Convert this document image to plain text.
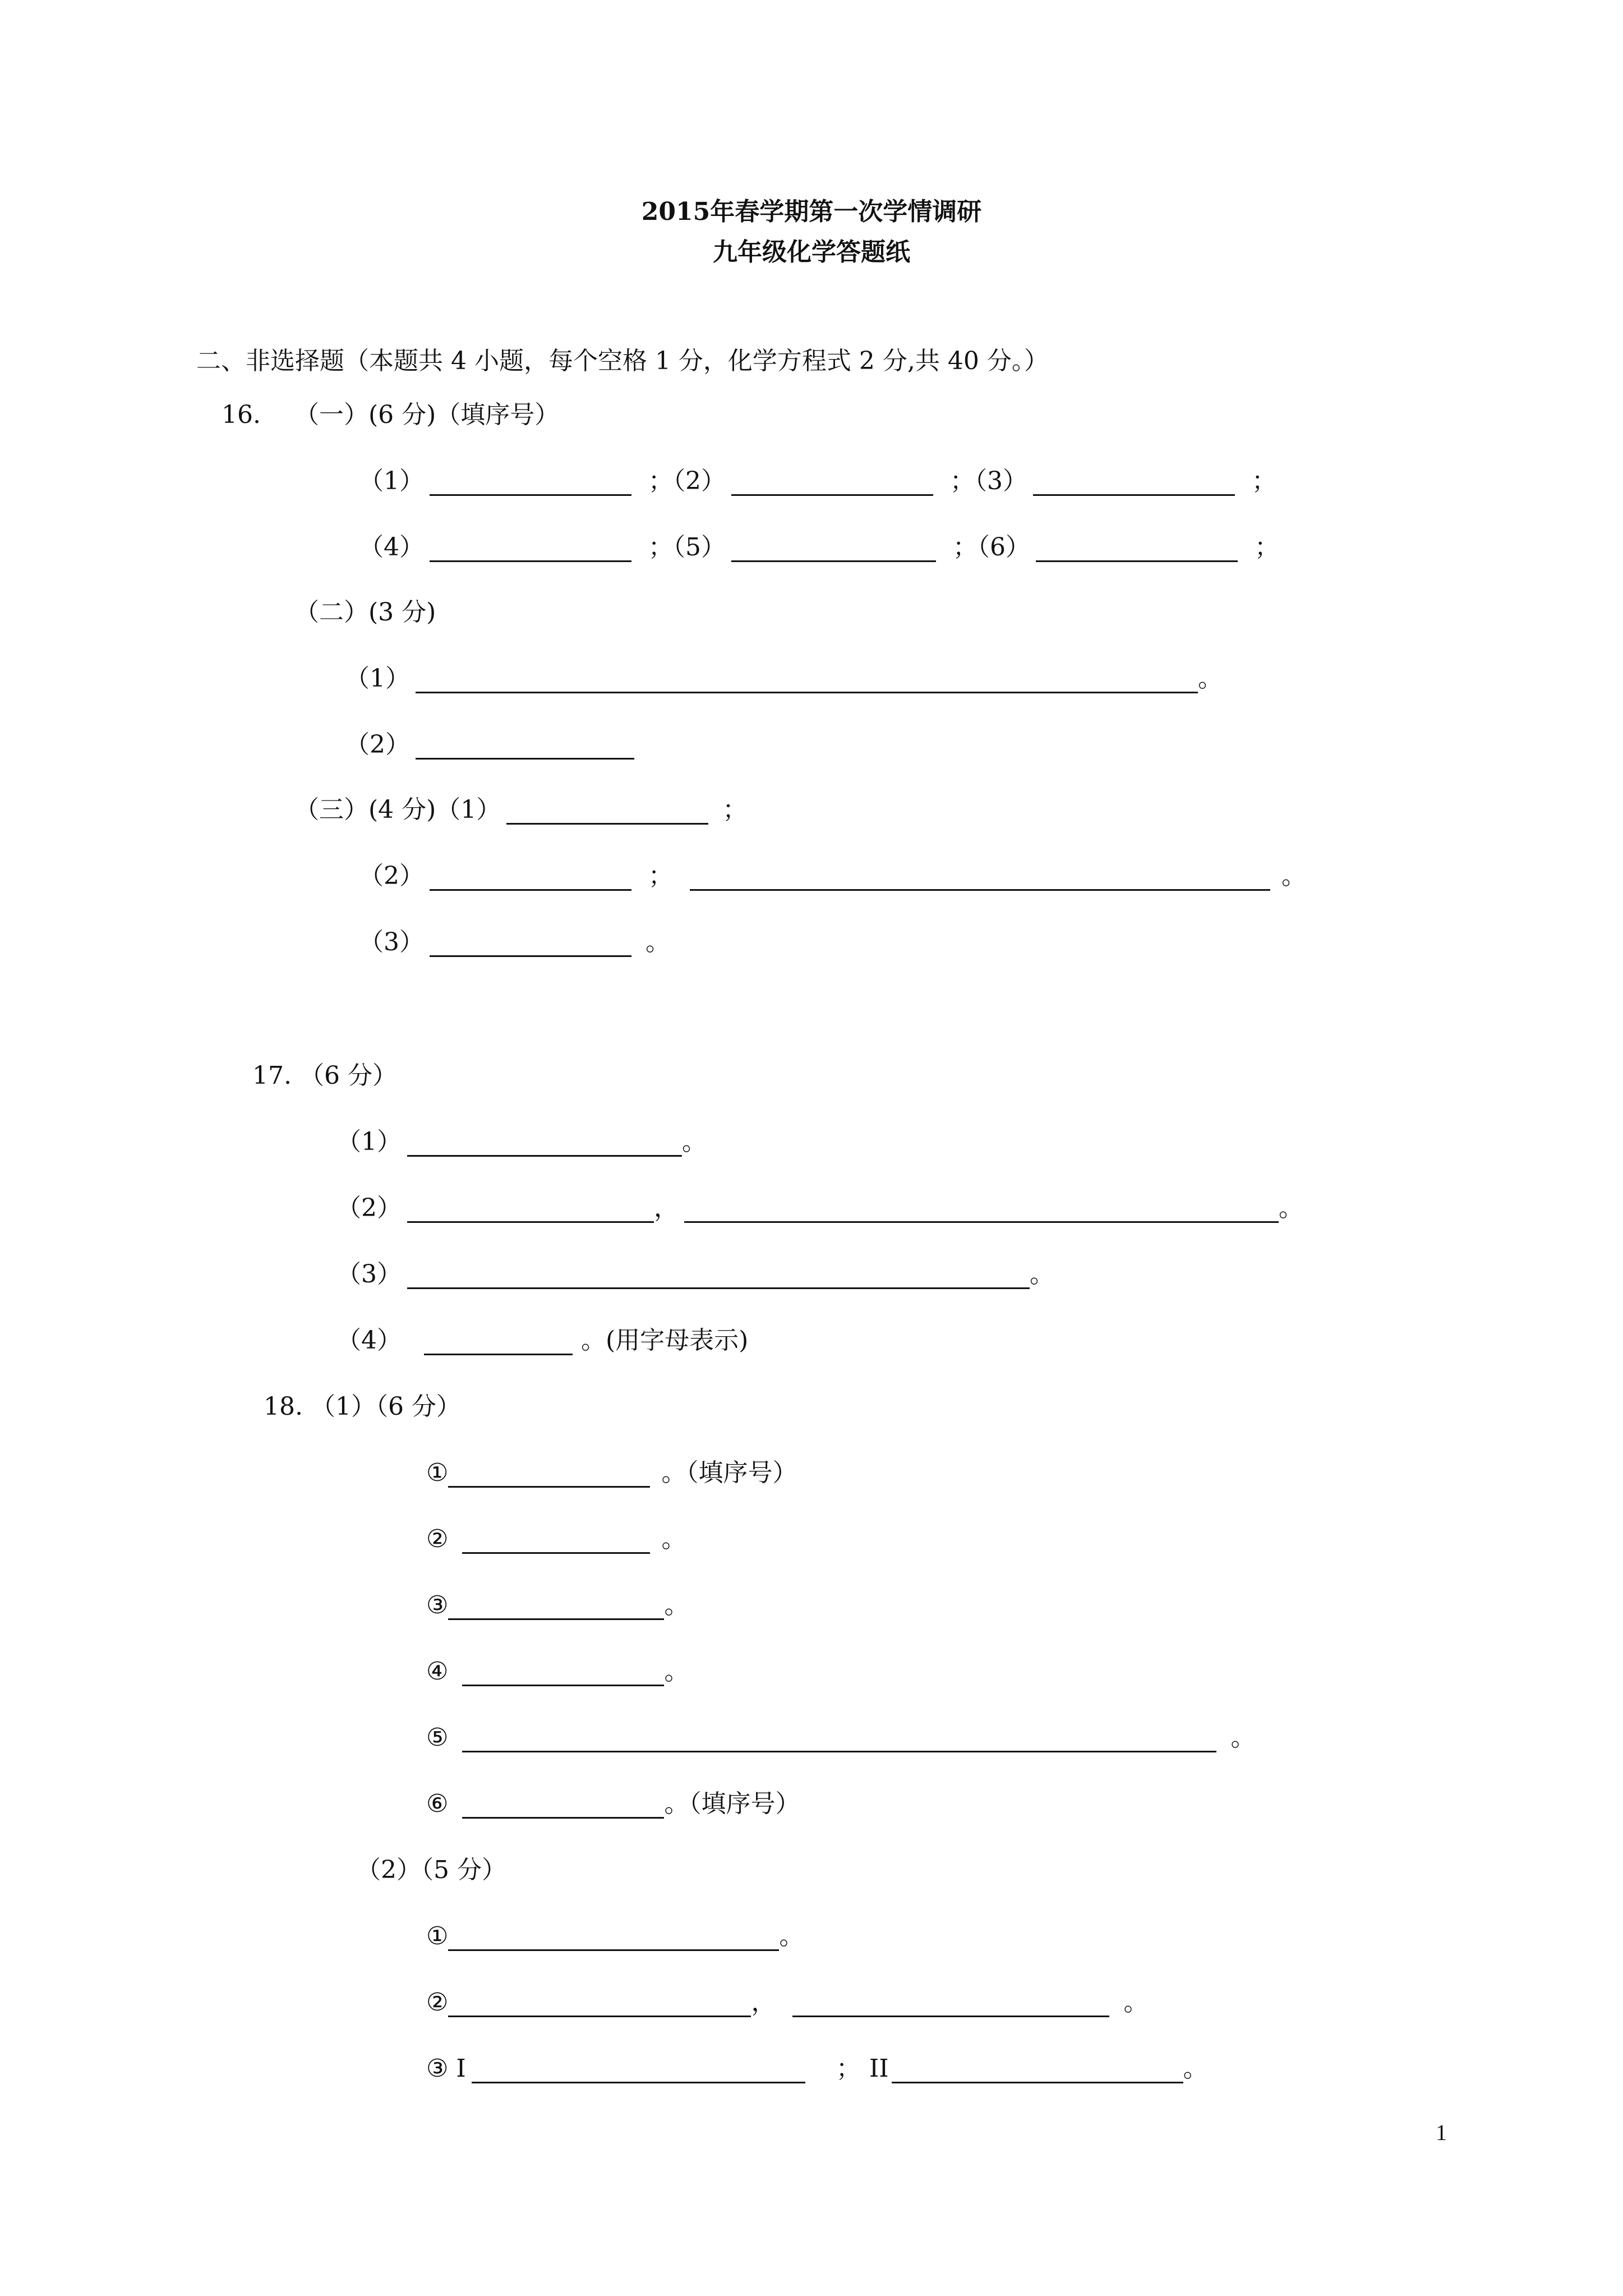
2015年春学期第一次学情调研
九年级化学答题纸
二、非选择题（本题共 4 小题，每个空格 1 分，化学方程式 2 分,共 40 分。）
16.	（一）(6 分)（填序号）
（1）	；（2）	；（3）	；
（4）	；（5）	；（6）	；
（二）(3 分)
（1）	。
（2）
（三）(4 分)（1）	；
（2）	；	。
（3）	。
17. （6 分）
（1）	。
（2）	，	。
（3）	。
（4）	。(用字母表示)
18. （1）（6 分）
①	。（填序号）
②	。
③	。
④	。
⑤	。
⑥	。（填序号）
（2）（5 分）
①	。
②	，	。
③ I	； II	。
1
